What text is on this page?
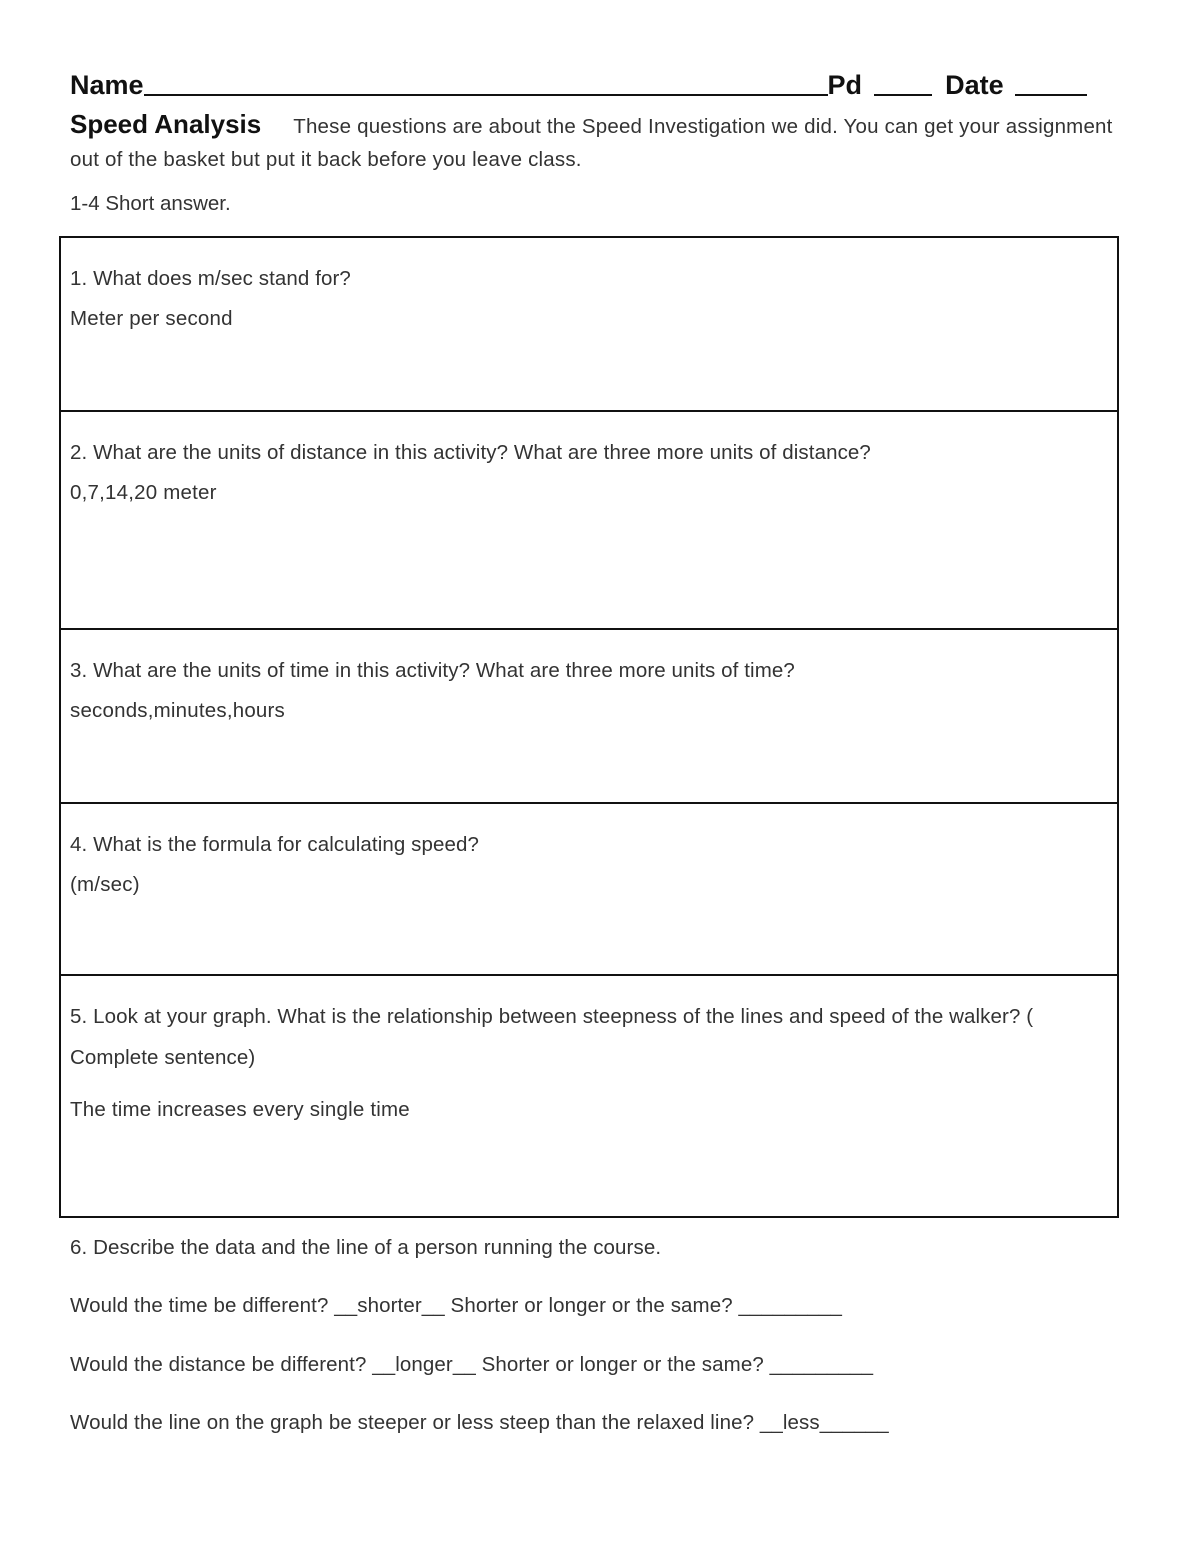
Name	Pd	Date
Speed Analysis These questions are about the Speed Investigation we did. You can get your assignment out of the basket but put it back before you leave class.
1-4 Short answer.
1. What does m/sec stand for?
Meter per second
2. What are the units of distance in this activity? What are three more units of distance?
0,7,14,20 meter
3. What are the units of time in this activity? What are three more units of time?
seconds,minutes,hours
4. What is the formula for calculating speed?
(m/sec)
5. Look at your graph. What is the relationship between steepness of the lines and speed of the walker? ( Complete sentence)
The time increases every single time
6. Describe the data and the line of a person running the course.
Would the time be different? __shorter__ Shorter or longer or the same? _________
Would the distance be different? __longer__ Shorter or longer or the same? _________
Would the line on the graph be steeper or less steep than the relaxed line? __less______
